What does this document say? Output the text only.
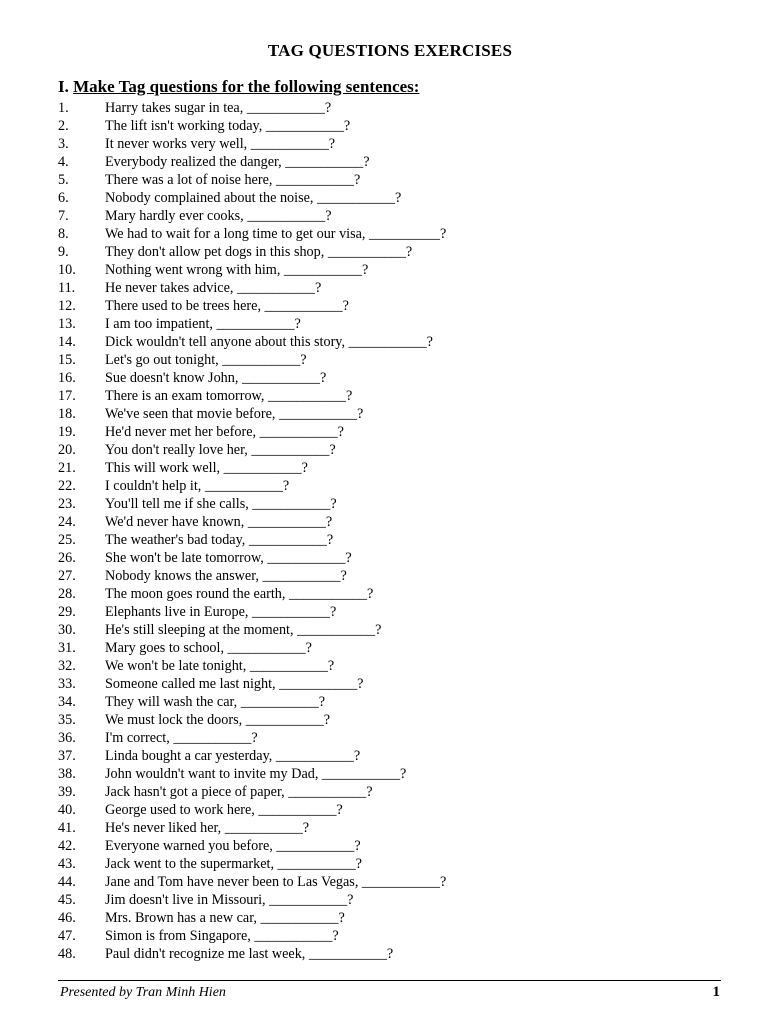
TAG QUESTIONS EXERCISES
I. Make Tag questions for the following sentences:
1.	Harry takes sugar in tea, ___________?
2.	The lift isn't working today, ___________?
3.	It never works very well, ___________?
4.	Everybody realized the danger, ___________?
5.	There was a lot of noise here, ___________?
6.	Nobody complained about the noise, ___________?
7.	Mary hardly ever cooks, ___________?
8.	We had to wait for a long time to get our visa, __________?
9.	They don't allow pet dogs in this shop, ___________?
10. Nothing went wrong with him, ___________?
11. He never takes advice, ___________?
12. There used to be trees here, ___________?
13. I am too impatient, ___________?
14. Dick wouldn't tell anyone about this story, ___________?
15. Let's go out tonight, ___________?
16. Sue doesn't know John, ___________?
17. There is an exam tomorrow, ___________?
18. We've seen that movie before, ___________?
19. He'd never met her before, ___________?
20. You don't really love her, ___________?
21. This will work well, ___________?
22. I couldn't help it, ___________?
23. You'll tell me if she calls, ___________?
24. We'd never have known, ___________?
25. The weather's bad today, ___________?
26. She won't be late tomorrow, ___________?
27. Nobody knows the answer, ___________?
28. The moon goes round the earth, ___________?
29. Elephants live in Europe, ___________?
30. He's still sleeping at the moment, ___________?
31. Mary goes to school, ___________?
32. We won't be late tonight, ___________?
33. Someone called me last night, ___________?
34. They will wash the car, ___________?
35. We must lock the doors, ___________?
36. I'm correct, ___________?
37. Linda bought a car yesterday, ___________?
38. John wouldn't want to invite my Dad, ___________?
39. Jack hasn't got a piece of paper, ___________?
40. George used to work here, ___________?
41. He's never liked her, ___________?
42. Everyone warned you before, ___________?
43. Jack went to the supermarket, ___________?
44. Jane and Tom have never been to Las Vegas, ___________?
45. Jim doesn't live in Missouri, ___________?
46. Mrs. Brown has a new car, ___________?
47. Simon is from Singapore, ___________?
48. Paul didn't recognize me last week, ___________?
Presented by Tran Minh Hien	1
